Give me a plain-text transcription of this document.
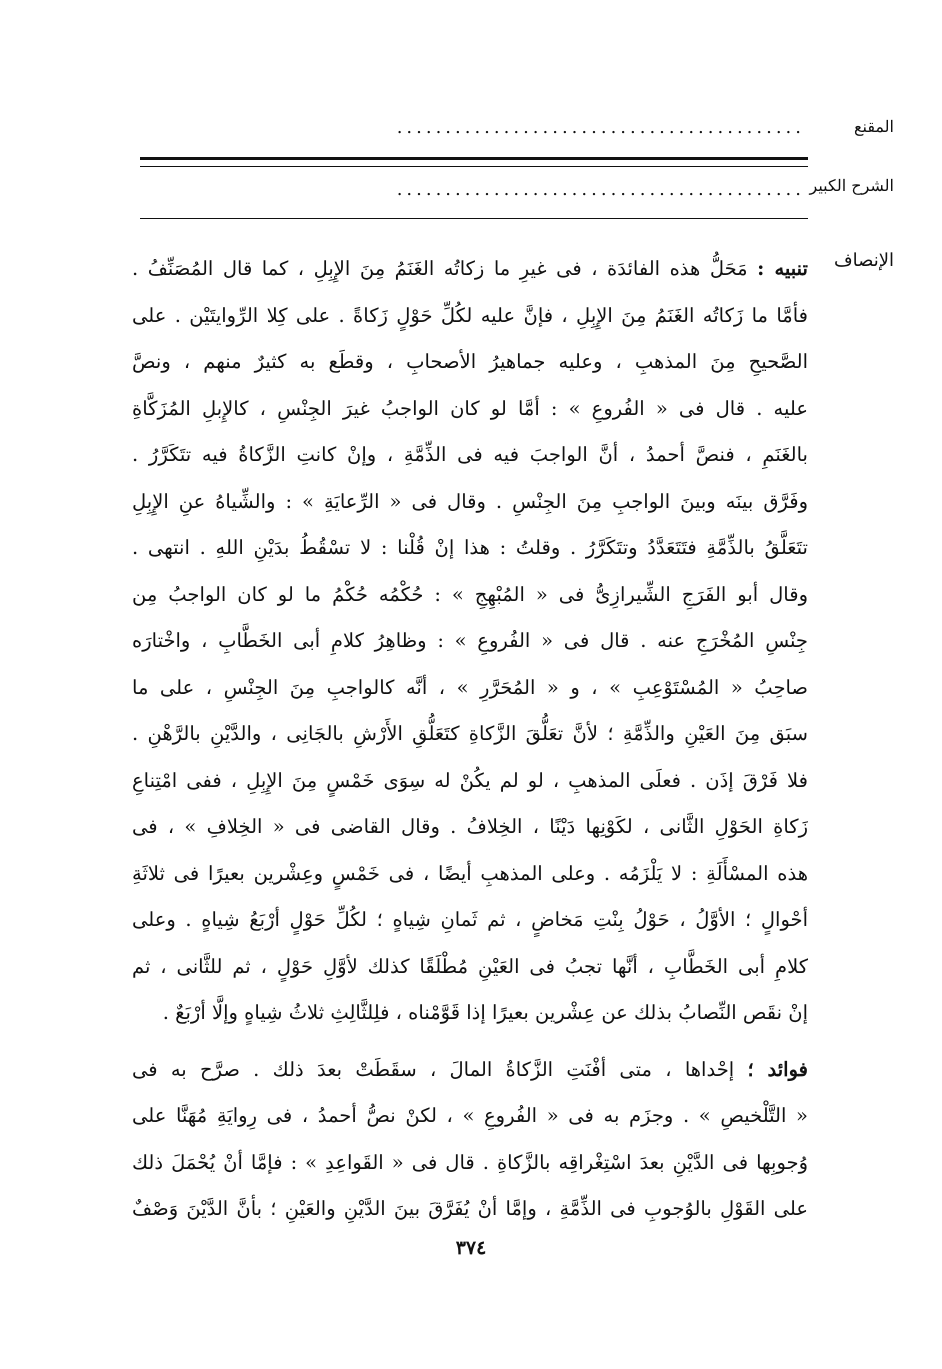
المقنع
..........................................
الشرح الكبير
..........................................
الإنصاف
تنبيه : مَحَلُّ هذه الفائدَة ، فى غيرِ ما زكاتُه الغَنَمُ مِنَ الإِبِلِ ، كما قال المُصَنِّفُ .
فأمَّا ما زَكاتُه الغَنَمُ مِنَ الإِبِلِ ، فإنَّ عليه لكُلِّ حَوْلٍ زَكاةً . على كِلا الرِّوايتَيْن . على
الصَّحيحِ مِنَ المذهبِ ، وعليه جماهيرُ الأصحابِ ، وقطَع به كثيرٌ منهم ، ونصَّ
عليه . قال فى « الفُروعِ » : أمَّا لو كان الواجبُ غيرَ الجِنْسِ ، كالإِبلِ المُزَكَّاةِ
بالغَنَمِ ، فنصَّ أحمدُ ، أنَّ الواجبَ فيه فى الذِّمَّةِ ، وإنْ كانتِ الزَّكاةُ فيه تتَكَرَّرُ .
وفَرَّق بينَه وبينَ الواجبِ مِنَ الجِنْسِ . وقال فى « الرِّعايَةِ » : والشِّياهُ عنِ الإِبِلِ
تتَعَلَّقُ بالذِّمَّةِ فتَتَعَدَّدُ وتتَكَرَّرُ . وقلتُ : هذا إنْ قُلْنا : لا تسْقُطُ بدَيْنِ اللهِ . انتهى .
وقال أبو الفَرَجِ الشِّيرازِىُّ فى « المُبْهِجِ » : حُكْمُه حُكْمُ ما لو كان الواجبُ مِن
جِنْسِ المُخْرَجِ عنه . قال فى « الفُروعِ » : وظاهِرُ كلامِ أبى الخَطَّابِ ، واخْتارَه
صاحِبُ « المُسْتَوْعِبِ » ، و « المُحَرَّرِ » ، أنَّه كالواجبِ مِنَ الجِنْسِ ، على ما
سبَق مِنَ العَيْنِ والذِّمَّةِ ؛ لأنَّ تعَلُّقَ الزَّكاةِ كتَعَلُّقِ الأَرْشِ بالجَانِى ، والدَّيْنِ بالرَّهْنِ .
فلا فَرْقَ إذَن . فعلَى المذهبِ ، لو لم يكُنْ له سِوَى خَمْسٍ مِنَ الإِبِلِ ، ففى امْتِناعِ
زَكاةِ الحَوْلِ الثَّانى ، لكَوْنِها دَيْنًا ، الخِلافُ . وقال القاضى فى « الخِلافِ » ، فى
هذه المسْأَلَةِ : لا يَلْزَمُه . وعلى المذهبِ أيضًا ، فى خَمْسٍ وعِشْرين بعيرًا فى ثلاثَةِ
أحْوالٍ ؛ الأوَّلُ ، حَوْلُ بِنْتِ مَخاضٍ ، ثم ثَمانِ شِياهٍ ؛ لكُلِّ حَوْلٍ أرْبَعُ شِياهٍ . وعلى
كلامِ أبى الخَطَّابِ ، أنَّها تجبُ فى العَيْنِ مُطْلَقًا كذلك لأوَّلِ حَوْلٍ ، ثم للثَّانى ، ثم
إنْ نقَص النِّصابُ بذلك عن عِشْرين بعيرًا إذا قَوَّمْناه ، فلِلثَّالِثِ ثلاثُ شِياهٍ وإلَّا أرْبَعٌ .
فوائد ؛ إحْداها ، متى أفْنَتِ الزَّكاةُ المالَ ، سقَطَتْ بعدَ ذلك . صرَّح به فى
« التَّلْخيصِ » . وجزَم به فى « الفُروعِ » ، لكنْ نصُّ أحمدُ ، فى رِوايَةِ مُهَنَّا على
وُجوبِها فى الدَّيْنِ بعدَ اسْتِغْراقِه بالزَّكاةِ . قال فى « القَواعِدِ » : فإمَّا أنْ يُحْمَلَ ذلك
على القَوْلِ بالوُجوبِ فى الذِّمَّةِ ، وإمَّا أنْ يُفَرَّقَ بينَ الدَّيْنِ والعَيْنِ ؛ بأنَّ الدَّيْنَ وَصْفٌ
٣٧٤
